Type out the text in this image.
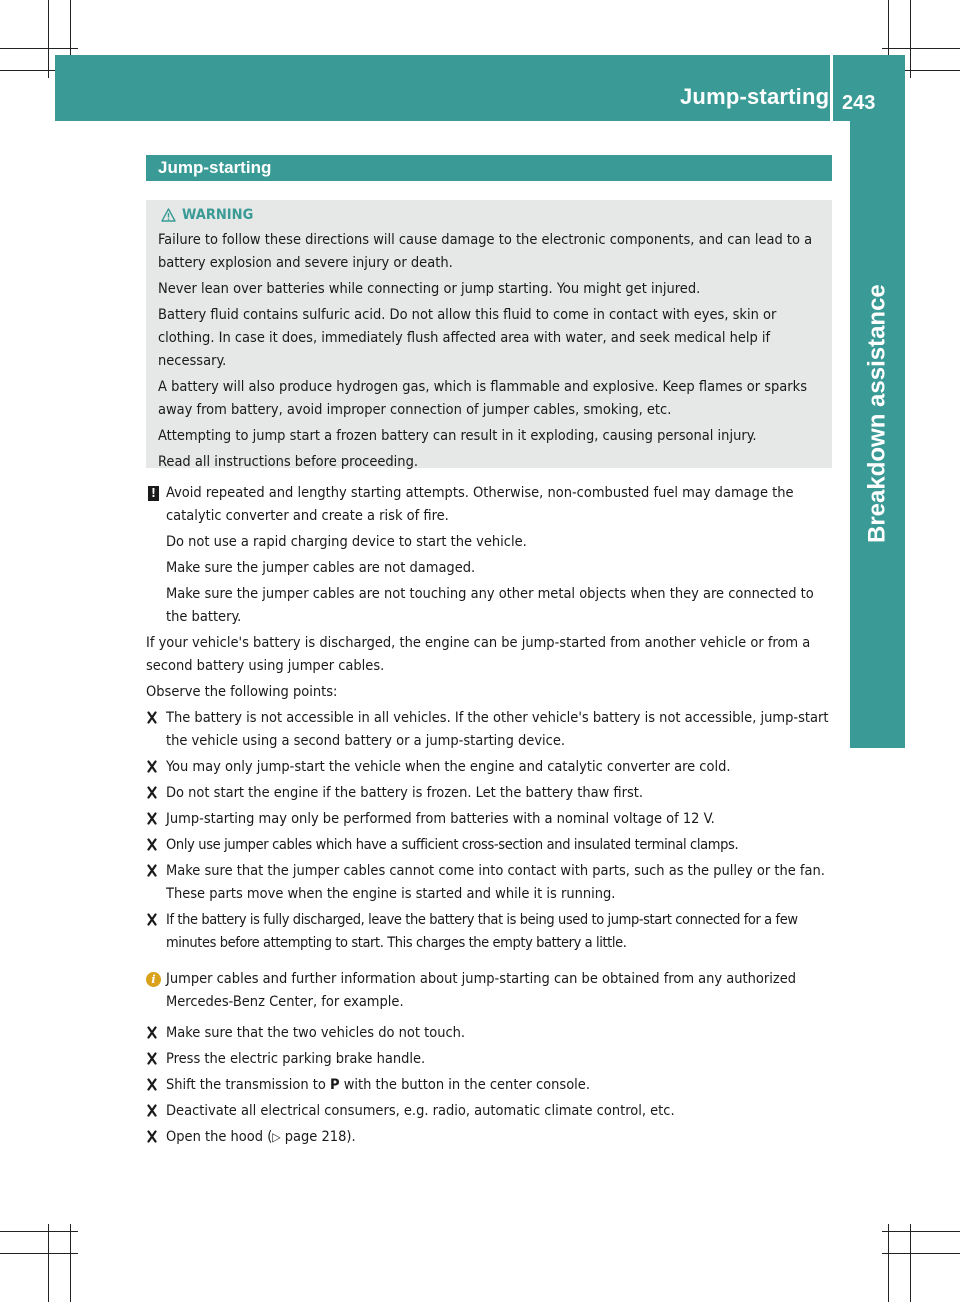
Jump-starting 243
Breakdown assistance
Jump-starting
WARNING

Failure to follow these directions will cause damage to the electronic components, and can lead to a battery explosion and severe injury or death.

Never lean over batteries while connecting or jump starting. You might get injured.

Battery fluid contains sulfuric acid. Do not allow this fluid to come in contact with eyes, skin or clothing. In case it does, immediately flush affected area with water, and seek medical help if necessary.

A battery will also produce hydrogen gas, which is flammable and explosive. Keep flames or sparks away from battery, avoid improper connection of jumper cables, smoking, etc.

Attempting to jump start a frozen battery can result in it exploding, causing personal injury.

Read all instructions before proceeding.

! Avoid repeated and lengthy starting attempts. Otherwise, non-combusted fuel may damage the catalytic converter and create a risk of fire.

Do not use a rapid charging device to start the vehicle.

Make sure the jumper cables are not damaged.

Make sure the jumper cables are not touching any other metal objects when they are connected to the battery.

If your vehicle's battery is discharged, the engine can be jump-started from another vehicle or from a second battery using jumper cables.

Observe the following points:

The battery is not accessible in all vehicles. If the other vehicle's battery is not accessible, jump-start the vehicle using a second battery or a jump-starting device.
You may only jump-start the vehicle when the engine and catalytic converter are cold.
Do not start the engine if the battery is frozen. Let the battery thaw first.
Jump-starting may only be performed from batteries with a nominal voltage of 12 V.
Only use jumper cables which have a sufficient cross-section and insulated terminal clamps.
Make sure that the jumper cables cannot come into contact with parts, such as the pulley or the fan. These parts move when the engine is started and while it is running.
If the battery is fully discharged, leave the battery that is being used to jump-start connected for a few minutes before attempting to start. This charges the empty battery a little.
i Jumper cables and further information about jump-starting can be obtained from any authorized Mercedes-Benz Center, for example.

Make sure that the two vehicles do not touch.
Press the electric parking brake handle.
Shift the transmission to P with the button in the center console.
Deactivate all electrical consumers, e.g. radio, automatic climate control, etc.
Open the hood (▷ page 218).
